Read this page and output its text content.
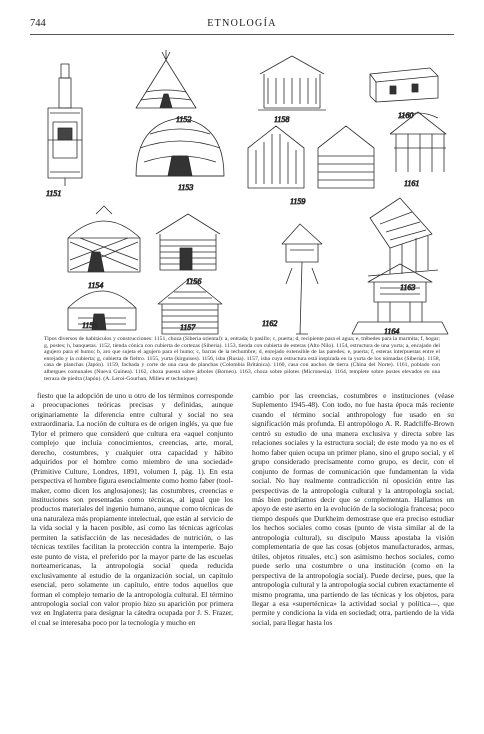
744	ETNOLOGÍA
1152	1158	1160
1151
1153	1161
1159
1154	1156
1163
1155	1157	1162
1164
Tipos diversos de habitáculos y construcciones: 1151, choza (Siberia oriental): a, entrada; b pasillo; c, puerta; d, recipiente para el agua; e, trébedes para la marmita; f, hogar; g, postes; h, banquetas. 1152, tienda cónica con cubierta de cortezas (Siberia). 1153, tienda con cubierta de esteras (Alto Nilo). 1154, estructura de una yurta; a, encajado del agujero para el humo; b, aro que sujeta el agujero para el humo; c, barras de la techumbre; d, enrejado extensible de las paredes; e, puerta; f, esteras interpuestas entre el enrejado y la cubierta; g, cubierta de fieltro. 1155, yurta (kirguises). 1156, isba (Rusia). 1157, isba cuya estructura está inspirada en la yurta de los nómadas (Siberia). 1158, casa de planchas (Japón). 1159, fachada y corte de una casa de planchas (Colombia Británica). 1160, casa con anchos de tierra (China del Norte). 1161, poblado con albergues comunales (Nueva Guinea). 1162, choza puesta sobre árboles (Borneo). 1163, choza sobre pilotes (Micronesia). 1164, templete sobre postes elevados en una terraza de piedra (Japón). (A. Leroi-Gourhan, Milieu et techniques)

fiesto que la adopción de uno u otro de los términos corresponde a preocupaciones teóricas precisas y definidas, aunque originariamente la diferencia entre cultural y social no sea extraordinaria. La noción de cultura es de origen inglés, ya que fue Tylor el primero que consideró que cultura era «aquel conjunto complejo que incluía conocimientos, creencias, arte, moral, derecho, costumbres, y cualquier otra capacidad y hábito adquiridos por el hombre como miembro de una sociedad» (Primitive Culture, Londres, 1891, volumen I, pág. 1). En esta perspectiva el hombre figura esencialmente como homo faber (tool-maker, como dicen los anglosajones); las costumbres, creencias e instituciones son presentadas como técnicas, al igual que los productos materiales del ingenio humano, aunque como técnicas de una naturaleza más propiamente intelectual, que están al servicio de la vida social y la hacen posible, así como las técnicas agrícolas permiten la satisfacción de las necesidades de nutrición, o las técnicas textiles facilitan la protección contra la intemperie. Bajo este punto de vista, el preferido por la mayor parte de las escuelas norteamericanas, la antropología social queda reducida exclusivamente al estudio de la organización social, un capítulo esencial, pero solamente un capítulo, entre todos aquellos que forman el complejo temario de la antropología cultural. El término antropología social con valor propio hizo su aparición por primera vez en Inglaterra para designar la cátedra ocupada por J. S. Frazer, el cual se interesaba poco por la tecnología y mucho en

cambio por las creencias, costumbres e instituciones (véase Suplemento 1945-48). Con todo, no fue hasta época más reciente cuando el término social anthropology fue usado en su significación más profunda. El antropólogo A. R. Radcliffe-Brown centró su estudio de una manera exclusiva y directa sobre las relaciones sociales y la estructura social; de este modo ya no es el homo faber quien ocupa un primer plano, sino el grupo social, y el grupo considerado precisamente como grupo, es decir, con el conjunto de formas de comunicación que fundamentan la vida social. No hay realmente contradicción ni oposición entre las perspectivas de la antropología cultural y la antropología social, más bien podríamos decir que se complementan. Hallamos un apoyo de este aserto en la evolución de la sociología francesa; poco tiempo después que Durkheim demostrase que era preciso estudiar los hechos sociales como cosas (punto de vista similar al de la antropología cultural), su discípulo Mauss apostaba la visión complementaria de que las cosas (objetos manufacturados, armas, útiles, objetos rituales, etc.) son asimismo hechos sociales, como puede serlo una costumbre o una institución (como en la perspectiva de la antropología social). Puede decirse, pues, que la antropología cultural y la antropología social cubren exactamente el mismo programa, una partiendo de las técnicas y los objetos, para llegar a esa «supertécnica» la actividad social y política—, que permite y condiciona la vida en sociedad; otra, partiendo de la vida social, para llegar hasta los
